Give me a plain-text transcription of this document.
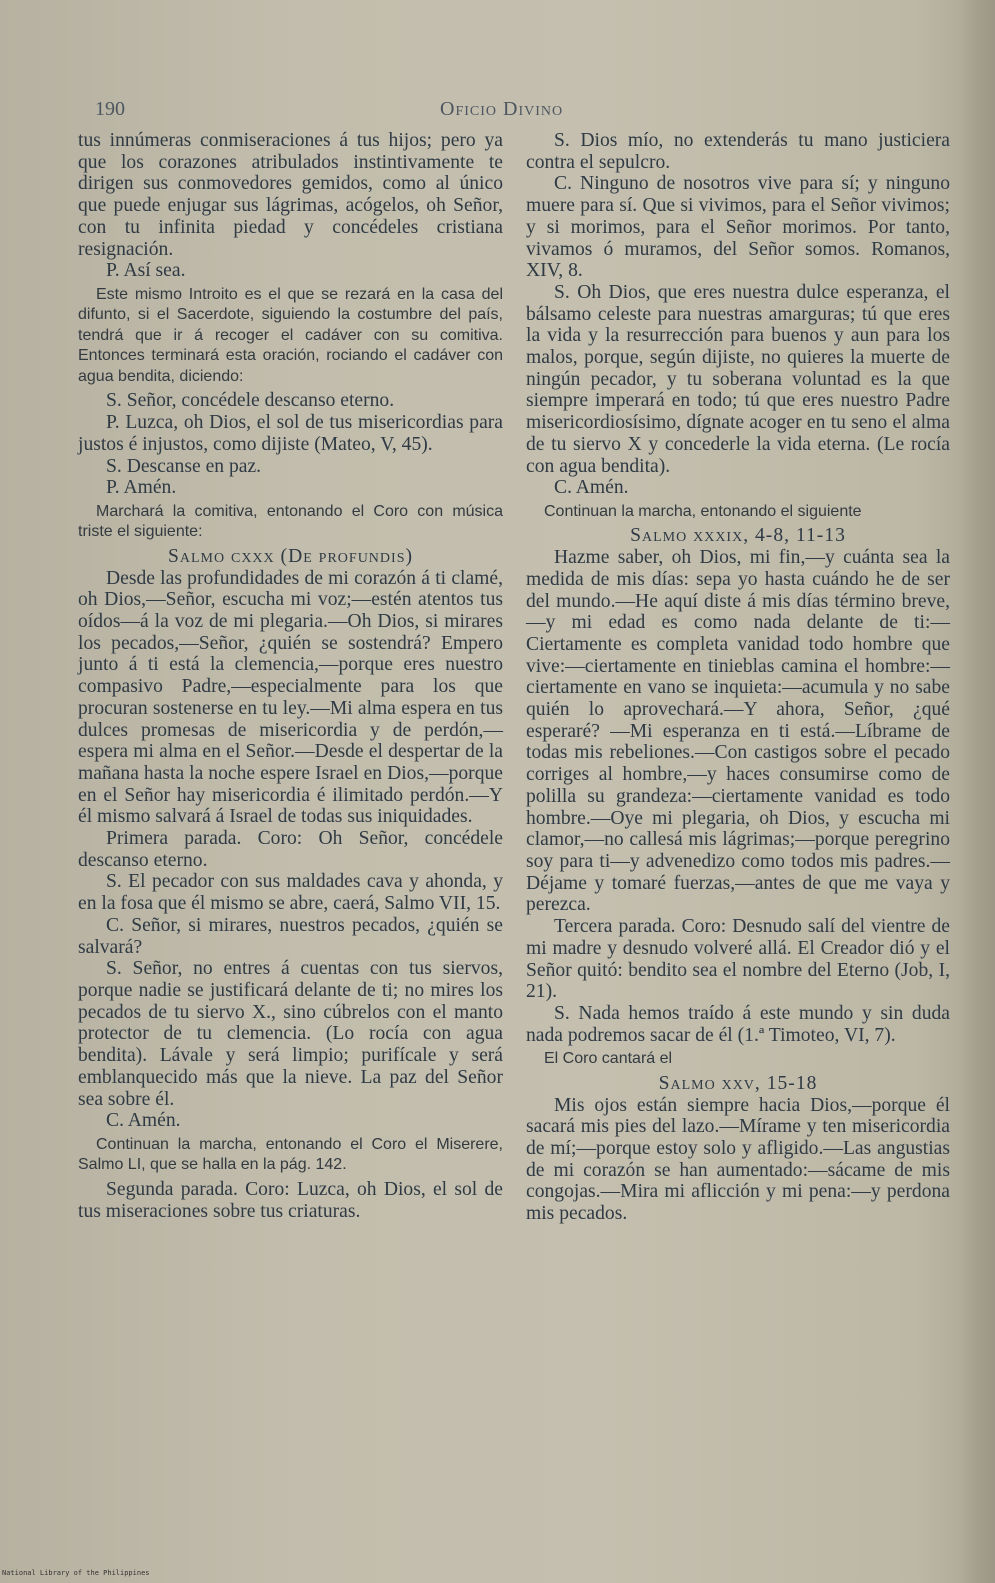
190	Oficio Divino

tus innúmeras conmiseraciones á tus hijos; pero ya que los corazones atribulados instintivamente te dirigen sus conmovedores gemidos, como al único que puede enjugar sus lágrimas, acógelos, oh Señor, con tu infinita piedad y concédeles cristiana resignación.

P. Así sea.

Este mismo Introito es el que se rezará en la casa del difunto, si el Sacerdote, siguiendo la costumbre del país, tendrá que ir á recoger el cadáver con su comitiva. Entonces terminará esta oración, rociando el cadáver con agua bendita, diciendo:

S. Señor, concédele descanso eterno.

P. Luzca, oh Dios, el sol de tus misericordias para justos é injustos, como dijiste (Mateo, V, 45).

S. Descanse en paz.

P. Amén.

Marchará la comitiva, entonando el Coro con música triste el siguiente:

Salmo cxxx (De profundis)

Desde las profundidades de mi corazón á ti clamé, oh Dios,—Señor, escucha mi voz;—estén atentos tus oídos—á la voz de mi plegaria.—Oh Dios, si mirares los pecados,—Señor, ¿quién se sostendrá? Empero junto á ti está la clemencia,—porque eres nuestro compasivo Padre,—especialmente para los que procuran sostenerse en tu ley.—Mi alma espera en tus dulces promesas de misericordia y de perdón,—espera mi alma en el Señor.—Desde el despertar de la mañana hasta la noche espere Israel en Dios,—porque en el Señor hay misericordia é ilimitado perdón.—Y él mismo salvará á Israel de todas sus iniquidades.

Primera parada. Coro: Oh Señor, concédele descanso eterno.

S. El pecador con sus maldades cava y ahonda, y en la fosa que él mismo se abre, caerá, Salmo VII, 15.

C. Señor, si mirares, nuestros pecados, ¿quién se salvará?

S. Señor, no entres á cuentas con tus siervos, porque nadie se justificará delante de ti; no mires los pecados de tu siervo X., sino cúbrelos con el manto protector de tu clemencia. (Lo rocía con agua bendita). Lávale y será limpio; purifícale y será emblanquecido más que la nieve. La paz del Señor sea sobre él.

C. Amén.

Continuan la marcha, entonando el Coro el Miserere, Salmo LI, que se halla en la pág. 142.

Segunda parada. Coro: Luzca, oh Dios, el sol de tus miseraciones sobre tus criaturas.

S. Dios mío, no extenderás tu mano justiciera contra el sepulcro.

C. Ninguno de nosotros vive para sí; y ninguno muere para sí. Que si vivimos, para el Señor vivimos; y si morimos, para el Señor morimos. Por tanto, vivamos ó muramos, del Señor somos. Romanos, XIV, 8.

S. Oh Dios, que eres nuestra dulce esperanza, el bálsamo celeste para nuestras amarguras; tú que eres la vida y la resurrección para buenos y aun para los malos, porque, según dijiste, no quieres la muerte de ningún pecador, y tu soberana voluntad es la que siempre imperará en todo; tú que eres nuestro Padre misericordiosísimo, dígnate acoger en tu seno el alma de tu siervo X y concederle la vida eterna. (Le rocía con agua bendita).

C. Amén.

Continuan la marcha, entonando el siguiente

Salmo xxxix, 4-8, 11-13

Hazme saber, oh Dios, mi fin,—y cuánta sea la medida de mis días: sepa yo hasta cuándo he de ser del mundo.—He aquí diste á mis días término breve,—y mi edad es como nada delante de ti:—Ciertamente es completa vanidad todo hombre que vive:—ciertamente en tinieblas camina el hombre:—ciertamente en vano se inquieta:—acumula y no sabe quién lo aprovechará.—Y ahora, Señor, ¿qué esperaré? —Mi esperanza en ti está.—Líbrame de todas mis rebeliones.—Con castigos sobre el pecado corriges al hombre,—y haces consumirse como de polilla su grandeza:—ciertamente vanidad es todo hombre.—Oye mi plegaria, oh Dios, y escucha mi clamor,—no callesá mis lágrimas;—porque peregrino soy para ti—y advenedizo como todos mis padres.—Déjame y tomaré fuerzas,—antes de que me vaya y perezca.

Tercera parada. Coro: Desnudo salí del vientre de mi madre y desnudo volveré allá. El Creador dió y el Señor quitó: bendito sea el nombre del Eterno (Job, I, 21).

S. Nada hemos traído á este mundo y sin duda nada podremos sacar de él (1.ª Timoteo, VI, 7).

El Coro cantará el

Salmo xxv, 15-18

Mis ojos están siempre hacia Dios,—porque él sacará mis pies del lazo.—Mírame y ten misericordia de mí;—porque estoy solo y afligido.—Las angustias de mi corazón se han aumentado:—sácame de mis congojas.—Mira mi aflicción y mi pena:—y perdona mis pecados.

National Library of the Philippines
